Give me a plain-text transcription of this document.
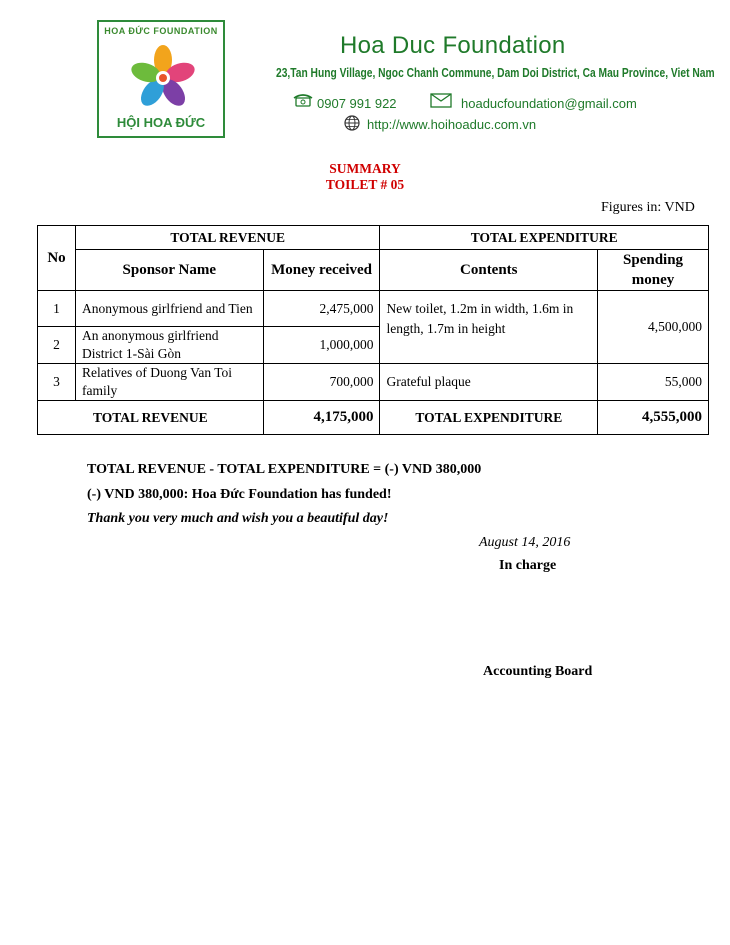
HOA ĐỨC FOUNDATION
HỘI HOA ĐỨC
Hoa Duc Foundation
23,Tan Hung Village, Ngoc Chanh Commune, Dam Doi District, Ca Mau Province, Viet Nam
0907 991 922	hoaducfoundation@gmail.com
http://www.hoihoaduc.com.vn
SUMMARY
TOILET # 05
Figures in: VND
No	TOTAL REVENUE		TOTAL EXPENDITURE	
	Sponsor Name	Money received	Contents	Spending money
1	Anonymous girlfriend and Tien	2,475,000	New toilet, 1.2m in width, 1.6m in length, 1.7m in height	4,500,000
2	An anonymous girlfriend District 1-Sài Gòn	1,000,000		
3	Relatives of Duong Van Toi family	700,000	Grateful plaque	55,000
TOTAL REVENUE		4,175,000	TOTAL EXPENDITURE	4,555,000
TOTAL REVENUE - TOTAL EXPENDITURE = (-) VND 380,000
(-) VND 380,000: Hoa Đức Foundation has funded!
Thank you very much and wish you a beautiful day!
August 14, 2016
In charge
Accounting Board
